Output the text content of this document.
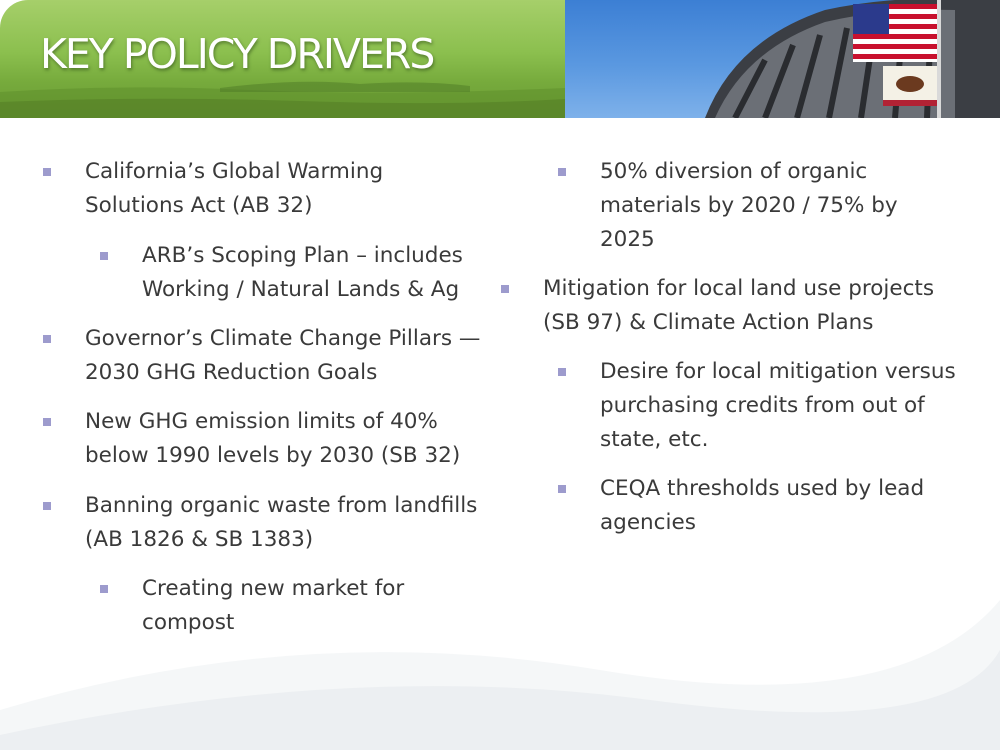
KEY POLICY DRIVERS
California’s Global Warming Solutions Act (AB 32)
ARB’s Scoping Plan – includes Working / Natural Lands & Ag
Governor’s Climate Change Pillars — 2030 GHG Reduction Goals
New GHG emission limits of 40% below 1990 levels by 2030 (SB 32)
Banning organic waste from landfills (AB 1826 & SB 1383)
Creating new market for compost
50% diversion of organic materials by 2020 / 75% by 2025
Mitigation for local land use projects (SB 97) & Climate Action Plans
Desire for local mitigation versus purchasing credits from out of state, etc.
CEQA thresholds used by lead agencies
